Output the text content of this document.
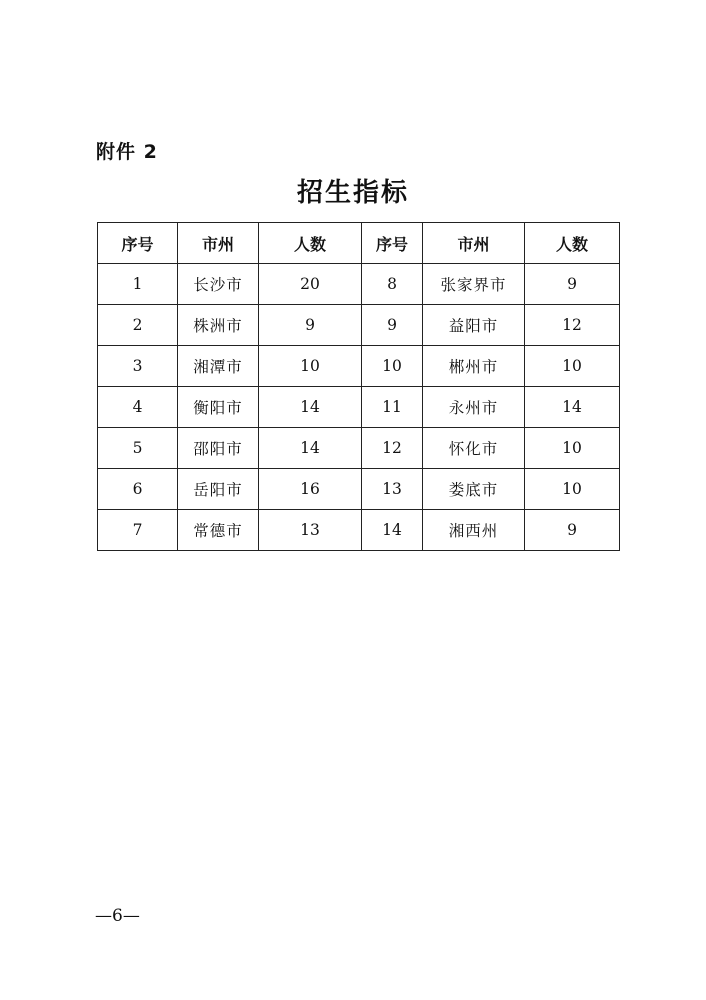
附件 2
招生指标
序号	市州	人数	序号	市州	人数
1	长沙市	20	8	张家界市	9
2	株洲市	9	9	益阳市	12
3	湘潭市	10	10	郴州市	10
4	衡阳市	14	11	永州市	14
5	邵阳市	14	12	怀化市	10
6	岳阳市	16	13	娄底市	10
7	常德市	13	14	湘西州	9
—6—
